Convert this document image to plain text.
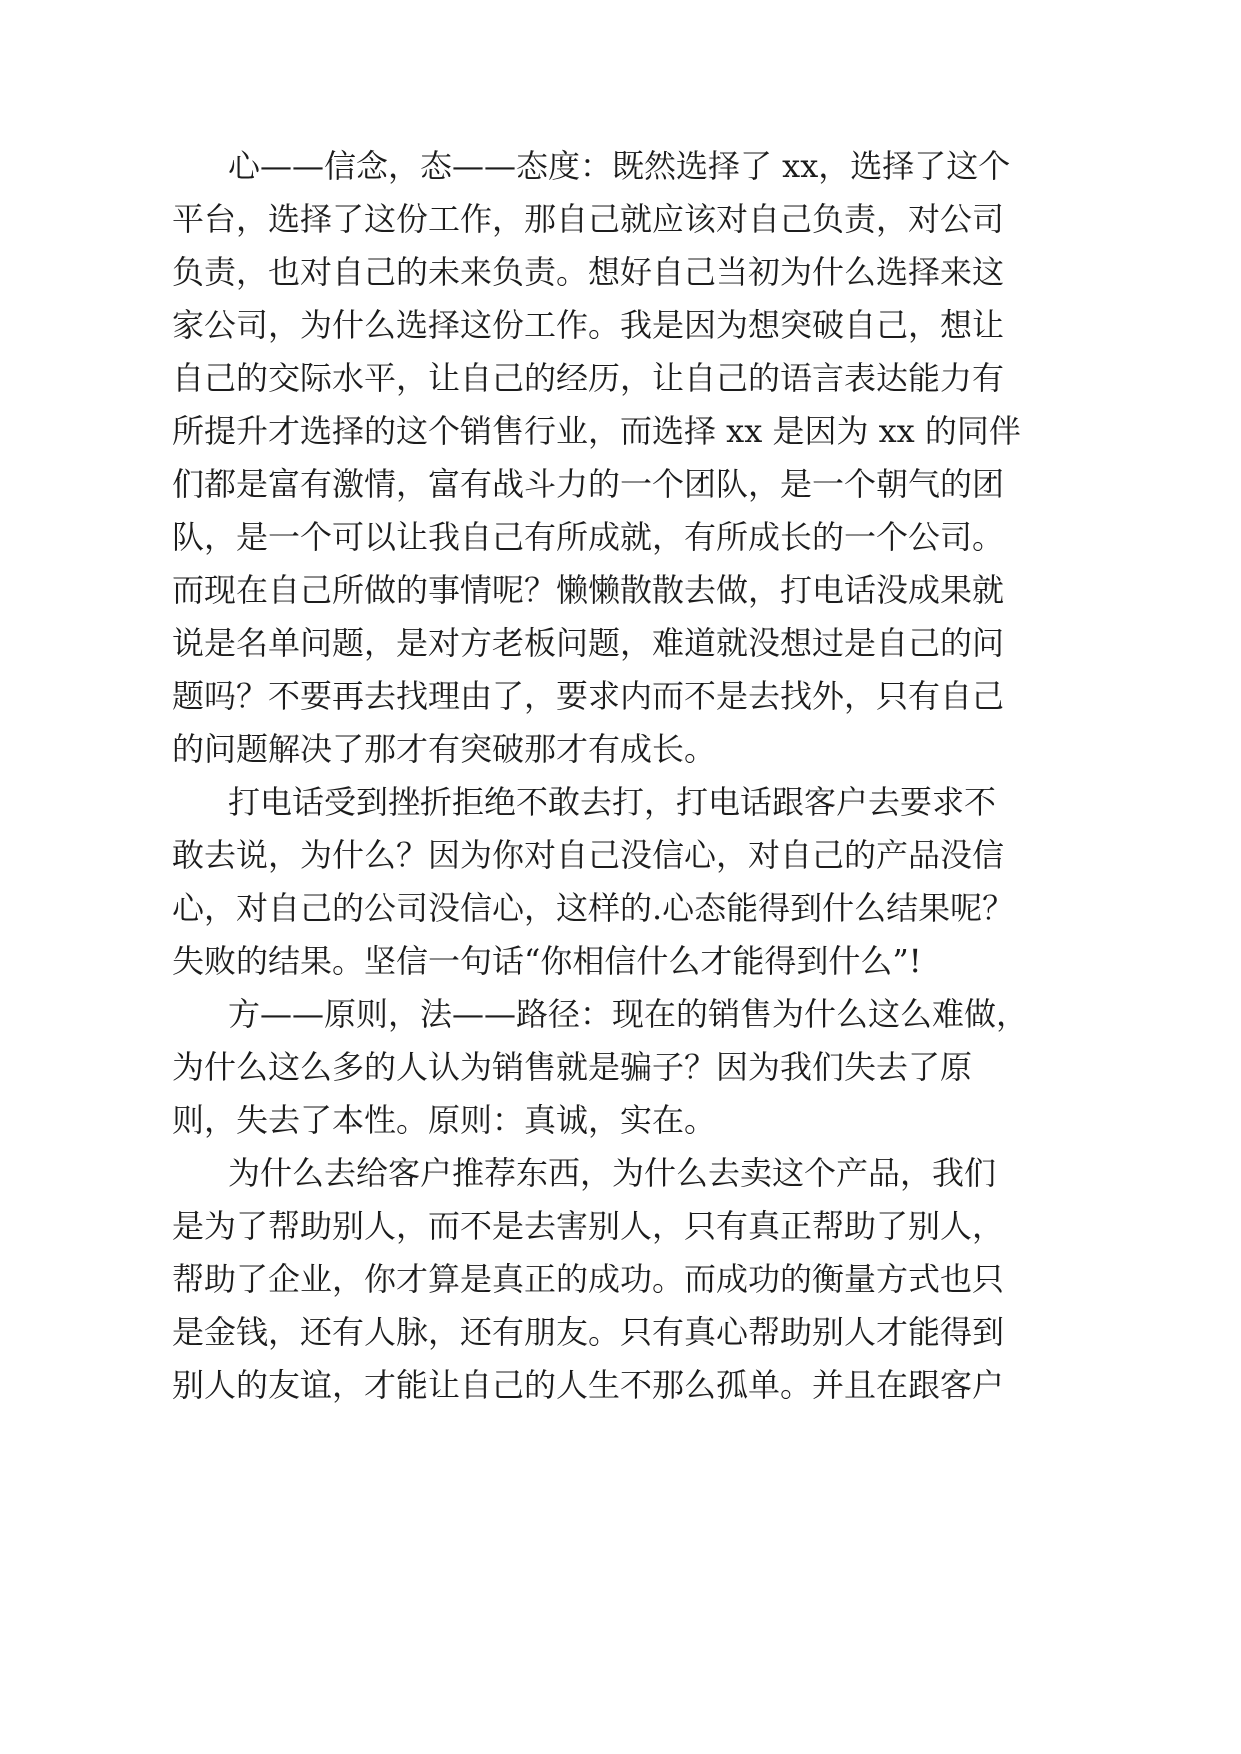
心——信念，态——态度：既然选择了 xx，选择了这个
平台，选择了这份工作，那自己就应该对自己负责，对公司
负责，也对自己的未来负责。想好自己当初为什么选择来这
家公司，为什么选择这份工作。我是因为想突破自己，想让
自己的交际水平，让自己的经历，让自己的语言表达能力有
所提升才选择的这个销售行业，而选择 xx 是因为 xx 的同伴
们都是富有激情，富有战斗力的一个团队，是一个朝气的团
队，是一个可以让我自己有所成就，有所成长的一个公司。
而现在自己所做的事情呢？懒懒散散去做，打电话没成果就
说是名单问题，是对方老板问题，难道就没想过是自己的问
题吗？不要再去找理由了，要求内而不是去找外，只有自己
的问题解决了那才有突破那才有成长。
打电话受到挫折拒绝不敢去打，打电话跟客户去要求不
敢去说，为什么？因为你对自己没信心，对自己的产品没信
心，对自己的公司没信心，这样的.心态能得到什么结果呢？
失败的结果。坚信一句话“你相信什么才能得到什么”!
方——原则，法——路径：现在的销售为什么这么难做，
为什么这么多的人认为销售就是骗子？因为我们失去了原
则，失去了本性。原则：真诚，实在。
为什么去给客户推荐东西，为什么去卖这个产品，我们
是为了帮助别人，而不是去害别人，只有真正帮助了别人，
帮助了企业，你才算是真正的成功。而成功的衡量方式也只
是金钱，还有人脉，还有朋友。只有真心帮助别人才能得到
别人的友谊，才能让自己的人生不那么孤单。并且在跟客户
